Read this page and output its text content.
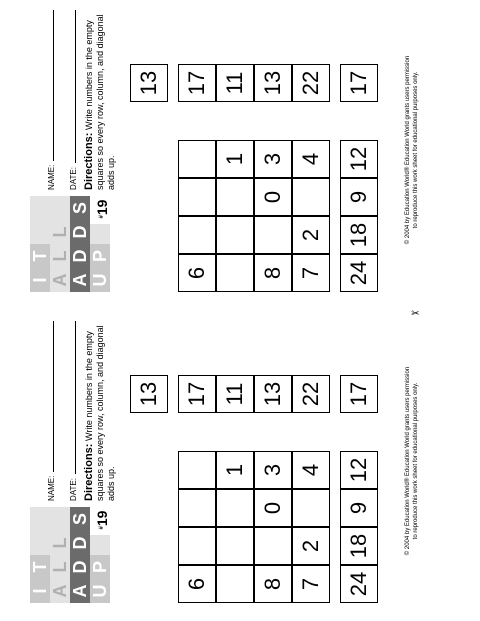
I
T
A
L
L
A
D
D
S
U
P
#19
NAME: DATE: Directions: Write numbers in the empty squares so every row, column, and diagonal adds up.
13
6
17
1
11
8
0
3
13
7
2
4
22
24
18
9
12
17	© 2004 by Education World® Education World grants users permission to reproduce this work sheet for educational purposes only.
✂
I
T
A
L
L
A
D
D
S
U
P
#19
NAME: DATE: Directions: Write numbers in the empty squares so every row, column, and diagonal adds up.
13
6
17
1
11
8
0
3
13
7
2
4
22
24
18
9
12
17	© 2004 by Education World® Education World grants users permission to reproduce this work sheet for educational purposes only.
